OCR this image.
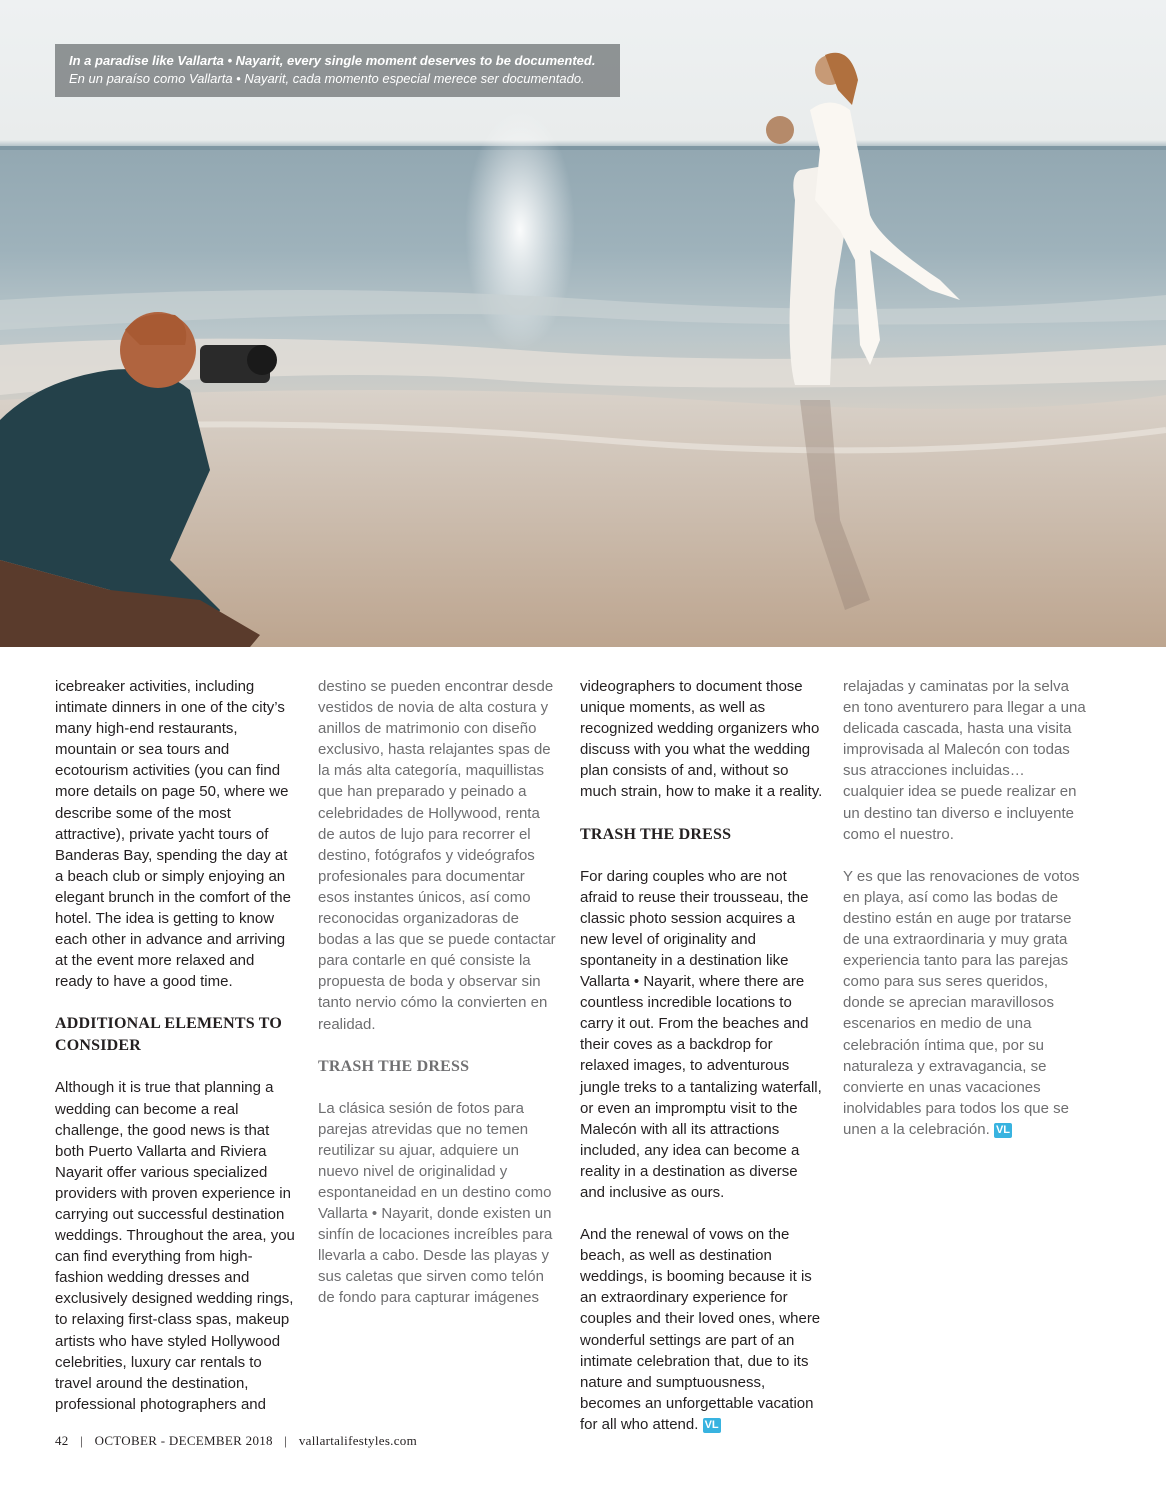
In a paradise like Vallarta • Nayarit, every single moment deserves to be documented.
En un paraíso como Vallarta • Nayarit, cada momento especial merece ser documentado.

icebreaker activities, including intimate dinners in one of the city’s many high-end restaurants, mountain or sea tours and ecotourism activities (you can find more details on page 50, where we describe some of the most attractive), private yacht tours of Banderas Bay, spending the day at a beach club or simply enjoying an elegant brunch in the comfort of the hotel. The idea is getting to know each other in advance and arriving at the event more relaxed and ready to have a good time.

ADDITIONAL ELEMENTS TO CONSIDER

Although it is true that planning a wedding can become a real challenge, the good news is that both Puerto Vallarta and Riviera Nayarit offer various specialized providers with proven experience in carrying out successful destination weddings. Throughout the area, you can find everything from high-fashion wedding dresses and exclusively designed wedding rings, to relaxing first-class spas, makeup artists who have styled Hollywood celebrities, luxury car rentals to travel around the destination, professional photographers and

destino se pueden encontrar desde vestidos de novia de alta costura y anillos de matrimonio con diseño exclusivo, hasta relajantes spas de la más alta categoría, maquillistas que han preparado y peinado a celebridades de Hollywood, renta de autos de lujo para recorrer el destino, fotógrafos y videógrafos profesionales para documentar esos instantes únicos, así como reconocidas organizadoras de bodas a las que se puede contactar para contarle en qué consiste la propuesta de boda y observar sin tanto nervio cómo la convierten en realidad.

TRASH THE DRESS

La clásica sesión de fotos para parejas atrevidas que no temen reutilizar su ajuar, adquiere un nuevo nivel de originalidad y espontaneidad en un destino como Vallarta • Nayarit, donde existen un sinfín de locaciones increíbles para llevarla a cabo. Desde las playas y sus caletas que sirven como telón de fondo para capturar imágenes

videographers to document those unique moments, as well as recognized wedding organizers who discuss with you what the wedding plan consists of and, without so much strain, how to make it a reality.

TRASH THE DRESS

For daring couples who are not afraid to reuse their trousseau, the classic photo session acquires a new level of originality and spontaneity in a destination like Vallarta • Nayarit, where there are countless incredible locations to carry it out. From the beaches and their coves as a backdrop for relaxed images, to adventurous jungle treks to a tantalizing waterfall, or even an impromptu visit to the Malecón with all its attractions included, any idea can become a reality in a destination as diverse and inclusive as ours.

And the renewal of vows on the beach, as well as destination weddings, is booming because it is an extraordinary experience for couples and their loved ones, where wonderful settings are part of an intimate celebration that, due to its nature and sumptuousness, becomes an unforgettable vacation for all who attend. VL

relajadas y caminatas por la selva en tono aventurero para llegar a una delicada cascada, hasta una visita improvisada al Malecón con todas sus atracciones incluidas… cualquier idea se puede realizar en un destino tan diverso e incluyente como el nuestro.

Y es que las renovaciones de votos en playa, así como las bodas de destino están en auge por tratarse de una extraordinaria y muy grata experiencia tanto para las parejas como para sus seres queridos, donde se aprecian maravillosos escenarios en medio de una celebración íntima que, por su naturaleza y extravagancia, se convierte en unas vacaciones inolvidables para todos los que se unen a la celebración. VL

42 | OCTOBER - DECEMBER 2018 | vallartalifestyles.com
